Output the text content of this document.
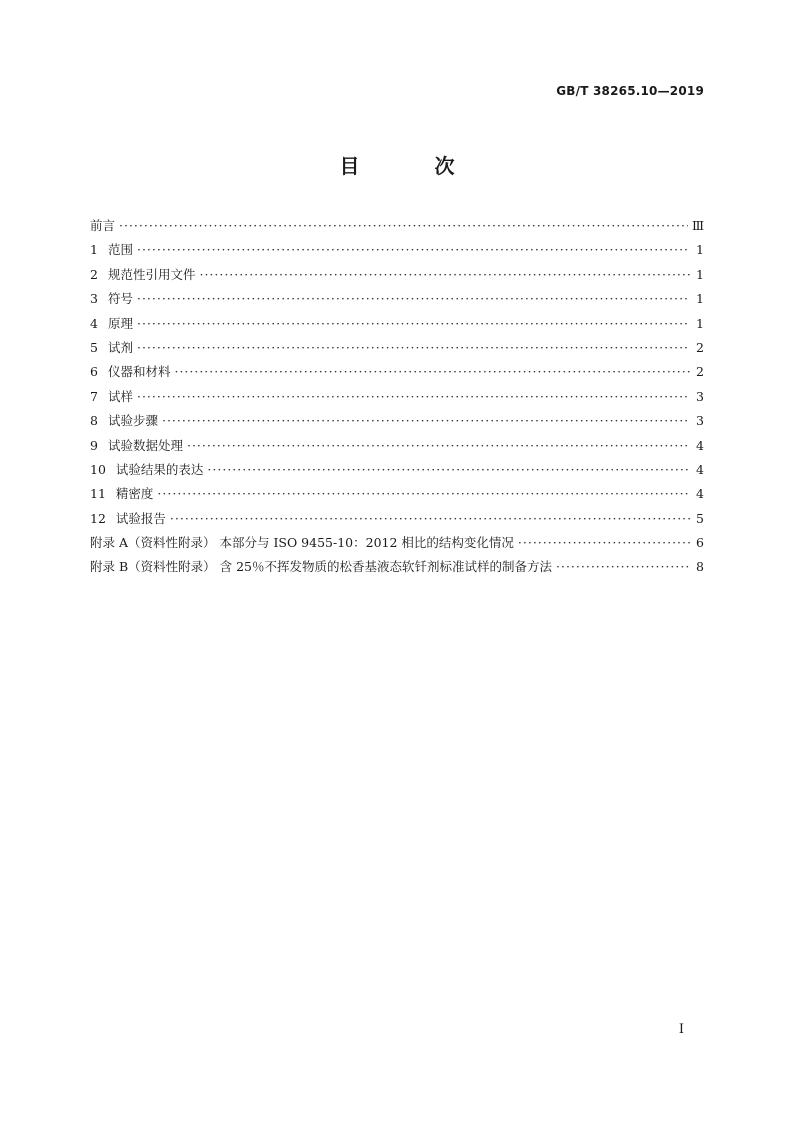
GB/T 38265.10—2019
目 次
前言 ·····	Ⅲ
1 范围 ·····	1
2 规范性引用文件 ·····	1
3 符号 ·····	1
4 原理 ·····	1
5 试剂 ·····	2
6 仪器和材料 ·····	2
7 试样 ·····	3
8 试验步骤 ·····	3
9 试验数据处理 ·····	4
10 试验结果的表达 ·····	4
11 精密度 ·····	4
12 试验报告 ·····	5
附录 A（资料性附录） 本部分与 ISO 9455-10：2012 相比的结构变化情况 ·····	6
附录 B（资料性附录） 含 25％不挥发物质的松香基液态软钎剂标准试样的制备方法 ·····	8
I
